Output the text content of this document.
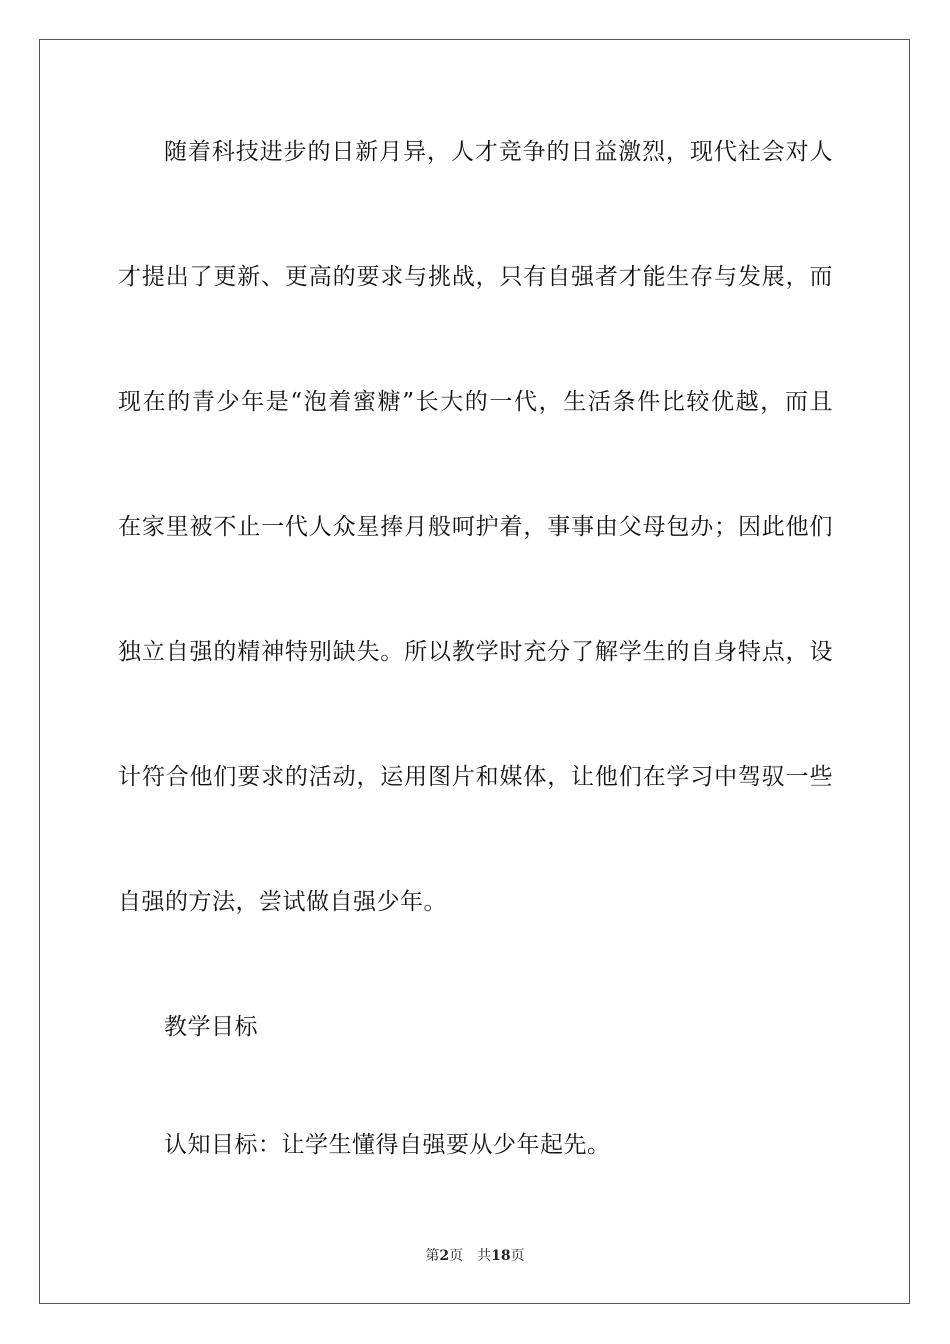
随着科技进步的日新月异，人才竞争的日益激烈，现代社会对人
才提出了更新、更高的要求与挑战，只有自强者才能生存与发展，而
现在的青少年是“泡着蜜糖”长大的一代，生活条件比较优越，而且
在家里被不止一代人众星捧月般呵护着，事事由父母包办；因此他们
独立自强的精神特别缺失。所以教学时充分了解学生的自身特点，设
计符合他们要求的活动，运用图片和媒体，让他们在学习中驾驭一些
自强的方法，尝试做自强少年。
教学目标
认知目标：让学生懂得自强要从少年起先。
第2页 共18页
